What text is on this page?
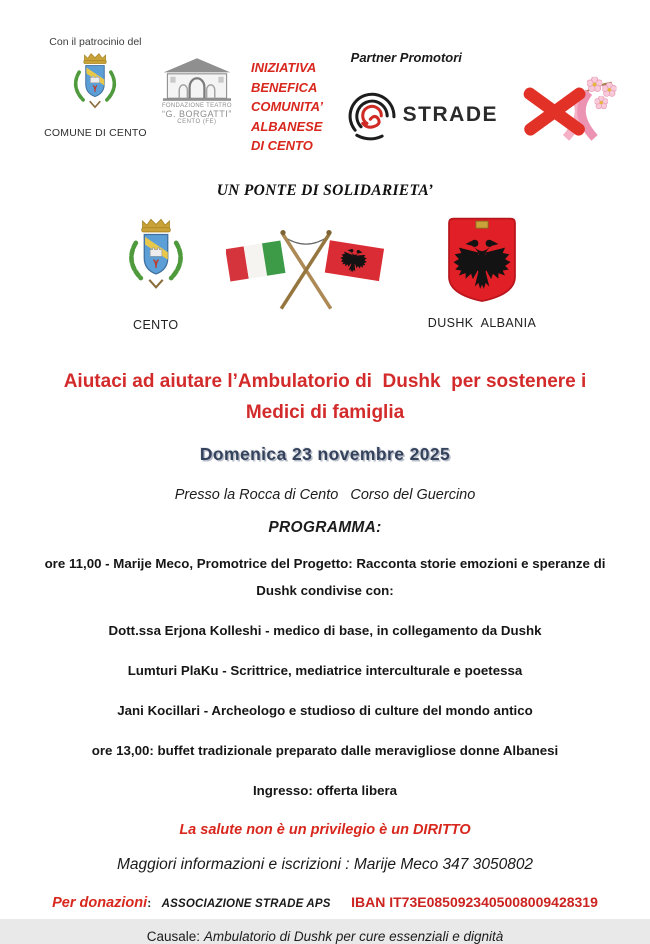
Con il patrocinio del
COMUNE DI CENTO
FONDAZIONE TEATRO
“G. BORGATTI”
CENTO (FE)
INIZIATIVA
BENEFICA
COMUNITA’
ALBANESE
DI CENTO
Partner Promotori
STRADE
UN PONTE DI SOLIDARIETA’
CENTO	DUSHK  ALBANIA
Aiutaci ad aiutare l’Ambulatorio di  Dushk  per sostenere i
Medici di famiglia
Domenica 23 novembre 2025
Presso la Rocca di Cento   Corso del Guercino
PROGRAMMA:

ore 11,00 - Marije Meco, Promotrice del Progetto: Racconta storie emozioni e speranze di Dushk condivise con:

Dott.ssa Erjona Kolleshi - medico di base, in collegamento da Dushk

Lumturi PlaKu - Scrittrice, mediatrice interculturale e poetessa

Jani Kocillari - Archeologo e studioso di culture del mondo antico

ore 13,00: buffet tradizionale preparato dalle meravigliose donne Albanesi

Ingresso: offerta libera

La salute non è un privilegio è un DIRITTO
Maggiori informazioni e iscrizioni : Marije Meco 347 3050802
Per donazioni: ASSOCIAZIONE STRADE APS IBAN IT73E0850923405008009428319
Causale: Ambulatorio di Dushk per cure essenziali e dignità
